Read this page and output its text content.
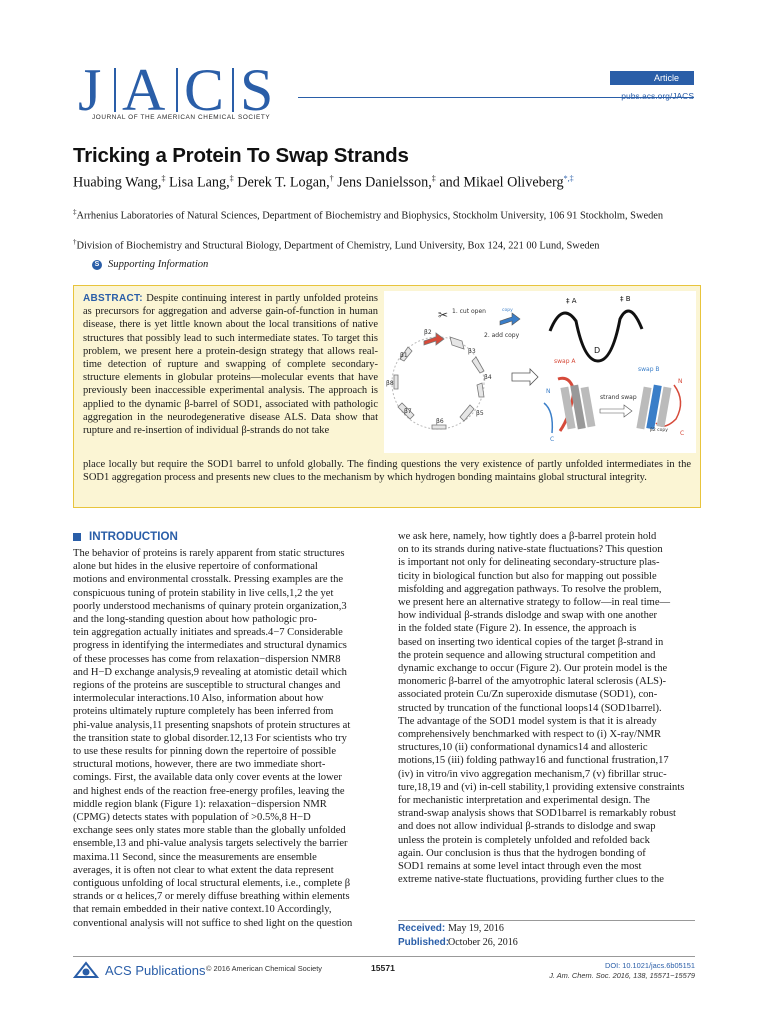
J A C S
JOURNAL OF THE AMERICAN CHEMICAL SOCIETY
Article
pubs.acs.org/JACS
Tricking a Protein To Swap Strands
Huabing Wang,‡ Lisa Lang,‡ Derek T. Logan,† Jens Danielsson,‡ and Mikael Oliveberg*,‡
‡Arrhenius Laboratories of Natural Sciences, Department of Biochemistry and Biophysics, Stockholm University, 106 91 Stockholm, Sweden
†Division of Biochemistry and Structural Biology, Department of Chemistry, Lund University, Box 124, 221 00 Lund, Sweden
S Supporting Information
ABSTRACT: Despite continuing interest in partly unfolded proteins as precursors for aggregation and adverse gain-of-function in human disease, there is yet little known about the local transitions of native structures that possibly lead to such intermediate states. To target this problem, we present here a protein-design strategy that allows real-time detection of rupture and swapping of complete secondary-structure elements in globular proteins—molecular events that have previously been inaccessible experimental analysis. The approach is applied to the dynamic β-barrel of SOD1, associated with pathologic aggregation in the neurodegenerative disease ALS. Data show that rupture and re-insertion of individual β-strands do not take
place locally but require the SOD1 barrel to unfold globally. The finding questions the very existence of partly unfolded intermediates in the SOD1 aggregation process and presents new clues to the mechanism by which hydrogen bonding maintains global structural integrity.
β2
β1
β3
β4
β5
β6
β7
β8
✂ 1. cut open	copy
2. add copy
‡ A	‡ B
D
swap A
swap B
strand swap
N
C
N
C
β2 copy
INTRODUCTION
The behavior of proteins is rarely apparent from static structures
alone but hides in the elusive repertoire of conformational
motions and environmental crosstalk. Pressing examples are the
conspicuous tuning of protein stability in live cells,1,2 the yet
poorly understood mechanisms of quinary protein organization,3
and the long-standing question about how pathologic pro-
tein aggregation actually initiates and spreads.4−7 Considerable
progress in identifying the intermediates and structural dynamics
of these processes has come from relaxation−dispersion NMR8
and H−D exchange analysis,9 revealing at atomistic detail which
regions of the proteins are susceptible to structural changes and
intermolecular interactions.10 Also, information about how
proteins ultimately rupture completely has been inferred from
phi-value analysis,11 presenting snapshots of protein structures at
the transition state to global disorder.12,13 For scientists who try
to use these results for pinning down the repertoire of possible
structural motions, however, there are two immediate short-
comings. First, the available data only cover events at the lower
and highest ends of the reaction free-energy profiles, leaving the
middle region blank (Figure 1): relaxation−dispersion NMR
(CPMG) detects states with population of >0.5%,8 H−D
exchange sees only states more stable than the globally unfolded
ensemble,13 and phi-value analysis targets selectively the barrier
maxima.11 Second, since the measurements are ensemble
averages, it is often not clear to what extent the data represent
contiguous unfolding of local structural elements, i.e., complete β
strands or α helices,7 or merely diffuse breathing within elements
that remain embedded in their native context.10 Accordingly,
conventional analysis will not suffice to shed light on the question
we ask here, namely, how tightly does a β-barrel protein hold
on to its strands during native-state fluctuations? This question
is important not only for delineating secondary-structure plas-
ticity in biological function but also for mapping out possible
misfolding and aggregation pathways. To resolve the problem,
we present here an alternative strategy to follow—in real time—
how individual β-strands dislodge and swap with one another
in the folded state (Figure 2). In essence, the approach is
based on inserting two identical copies of the target β-strand in
the protein sequence and allowing structural competition and
dynamic exchange to occur (Figure 2). Our protein model is the
monomeric β-barrel of the amyotrophic lateral sclerosis (ALS)-
associated protein Cu/Zn superoxide dismutase (SOD1), con-
structed by truncation of the functional loops14 (SOD1barrel).
The advantage of the SOD1 model system is that it is already
comprehensively benchmarked with respect to (i) X-ray/NMR
structures,10 (ii) conformational dynamics14 and allosteric
motions,15 (iii) folding pathway16 and functional frustration,17
(iv) in vitro/in vivo aggregation mechanism,7 (v) fibrillar struc-
ture,18,19 and (vi) in-cell stability,1 providing extensive constraints
for mechanistic interpretation and experimental design. The
strand-swap analysis shows that SOD1barrel is remarkably robust
and does not allow individual β-strands to dislodge and swap
unless the protein is completely unfolded and refolded back
again. Our conclusion is thus that the hydrogen bonding of
SOD1 remains at some level intact through even the most
extreme native-state fluctuations, providing further clues to the
Received: May 19, 2016
Published:October 26, 2016
ACS Publications © 2016 American Chemical Society	15571	DOI: 10.1021/jacs.6b05151
J. Am. Chem. Soc. 2016, 138, 15571−15579
